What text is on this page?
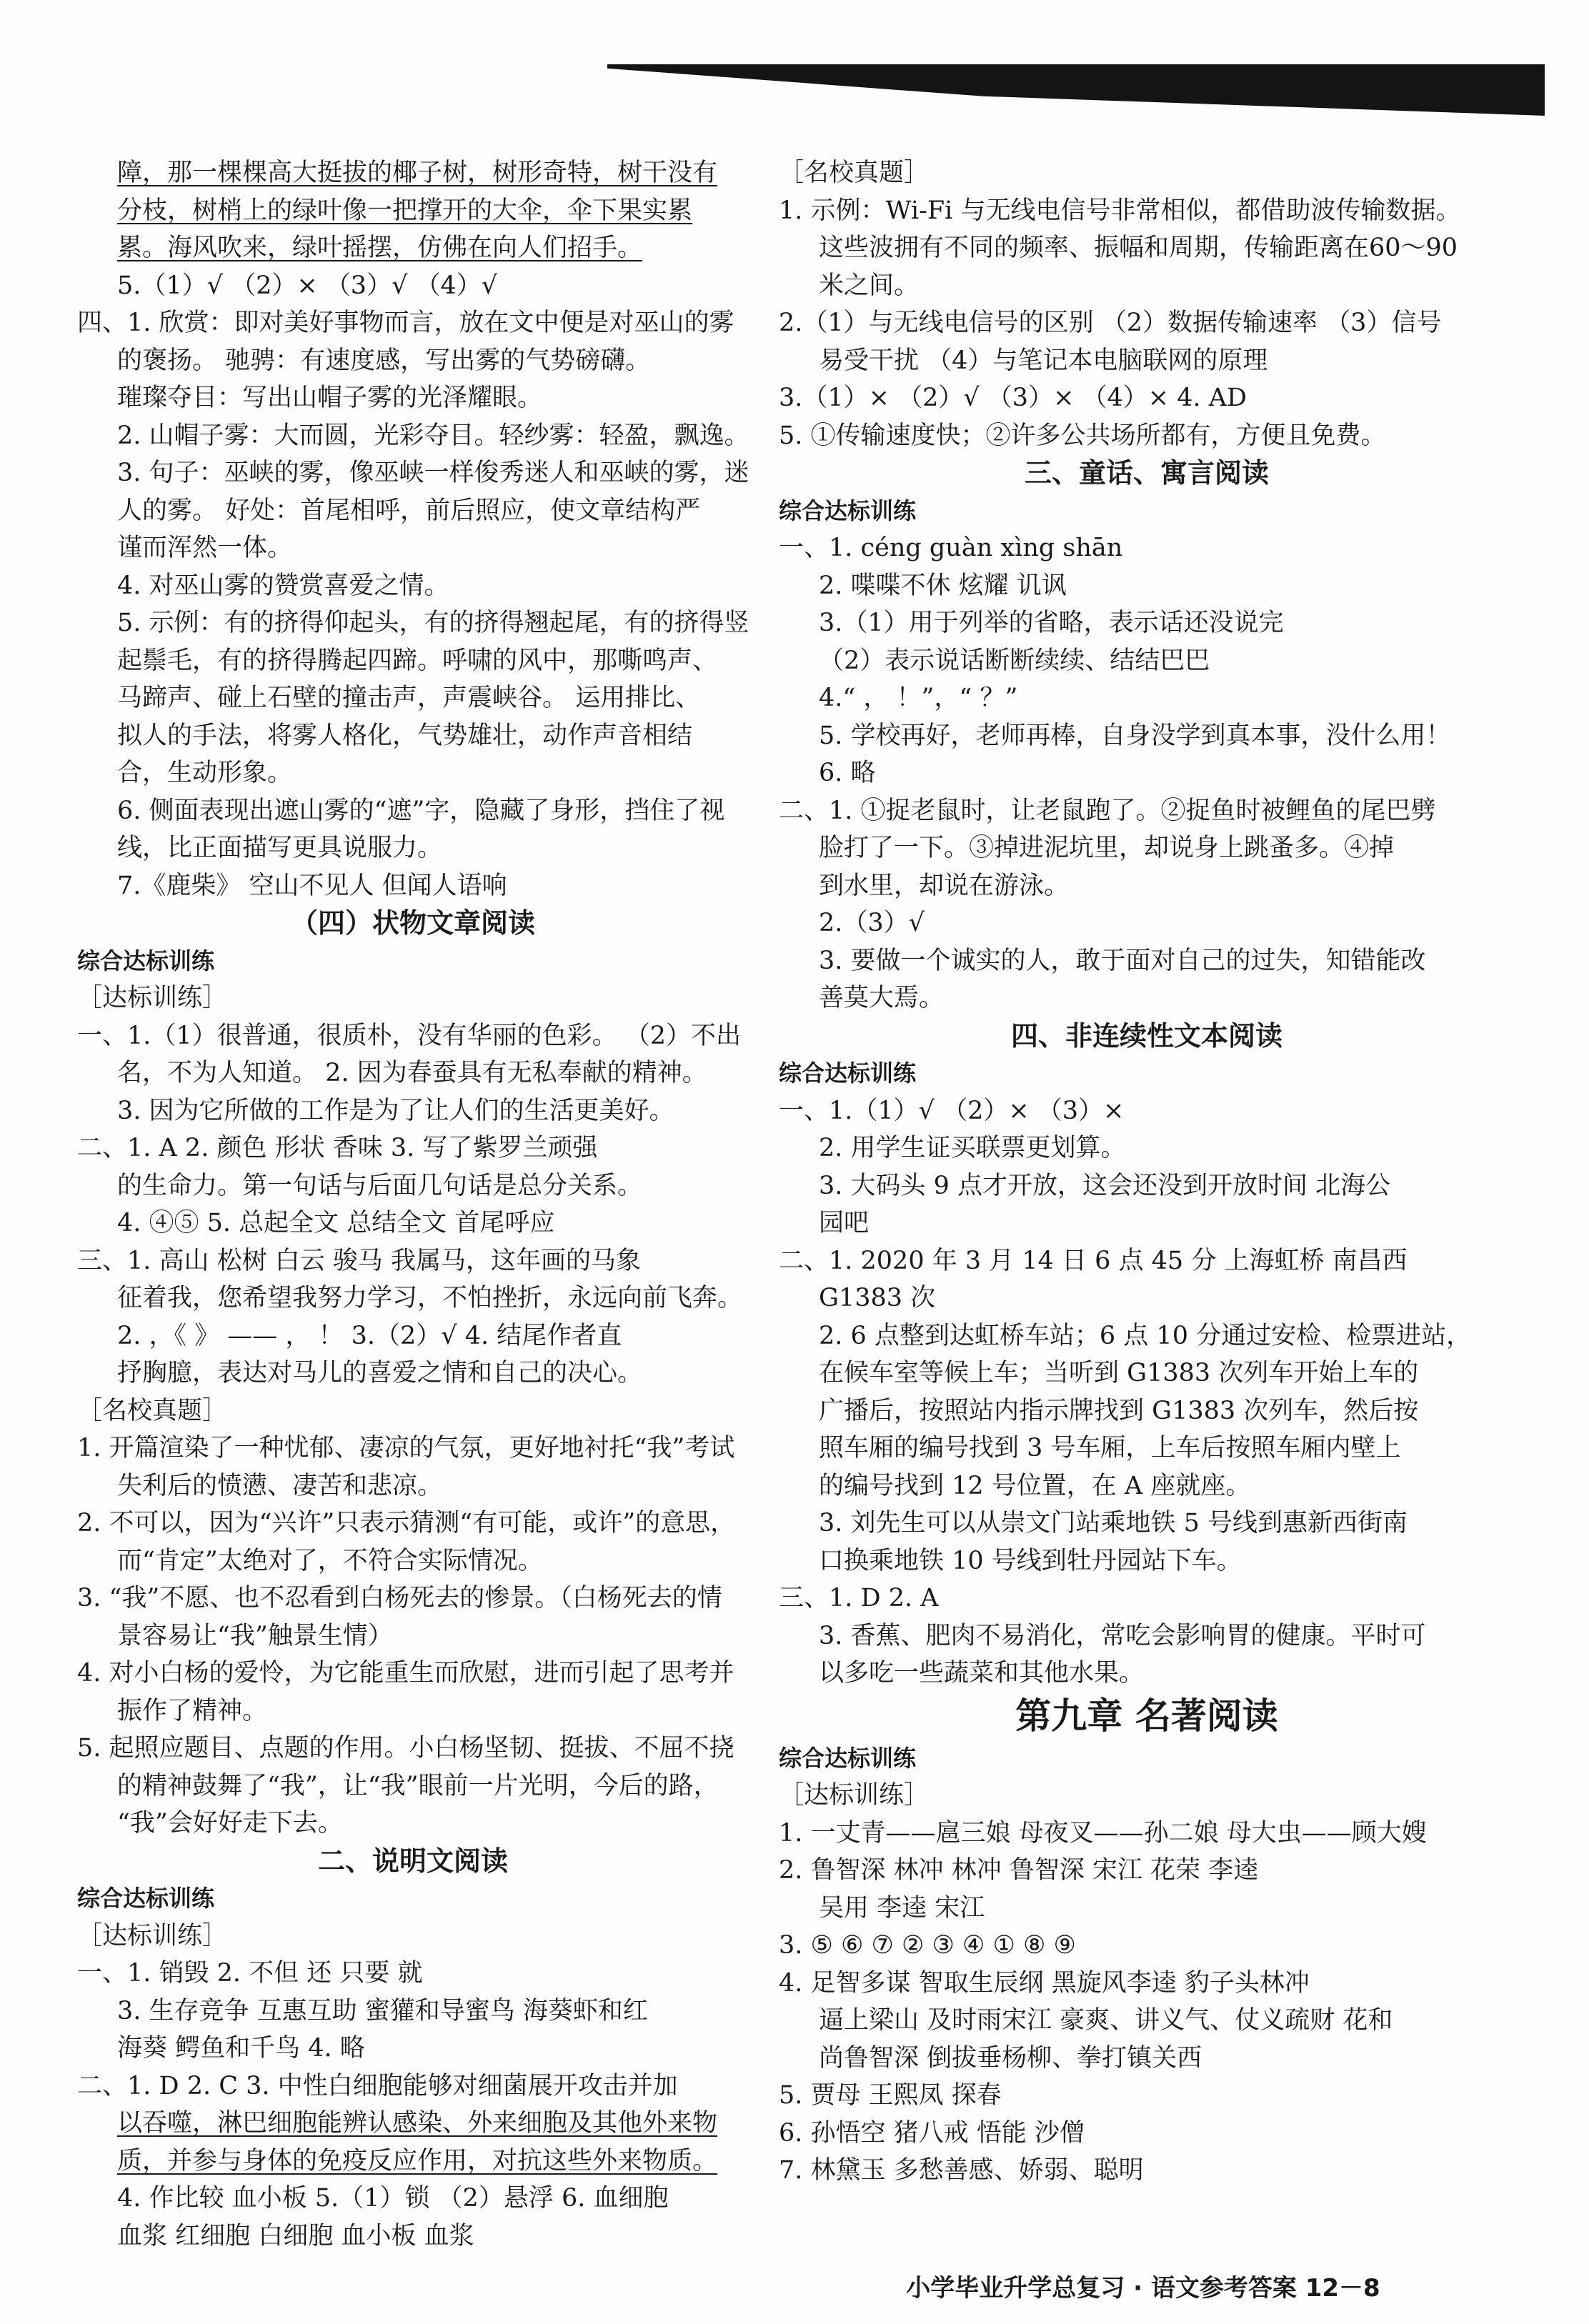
障，那一棵棵高大挺拔的椰子树，树形奇特，树干没有
分枝，树梢上的绿叶像一把撑开的大伞，伞下果实累
累。海风吹来，绿叶摇摆，仿佛在向人们招手。
5.（1）√ （2）× （3）√ （4）√
四、1. 欣赏：即对美好事物而言，放在文中便是对巫山的雾
的褒扬。 驰骋：有速度感，写出雾的气势磅礴。
璀璨夺目：写出山帽子雾的光泽耀眼。
2. 山帽子雾：大而圆，光彩夺目。轻纱雾：轻盈，飘逸。
3. 句子：巫峡的雾，像巫峡一样俊秀迷人和巫峡的雾，迷
人的雾。 好处：首尾相呼，前后照应，使文章结构严
谨而浑然一体。
4. 对巫山雾的赞赏喜爱之情。
5. 示例：有的挤得仰起头，有的挤得翘起尾，有的挤得竖
起鬃毛，有的挤得腾起四蹄。呼啸的风中，那嘶鸣声、
马蹄声、碰上石壁的撞击声，声震峡谷。 运用排比、
拟人的手法，将雾人格化，气势雄壮，动作声音相结
合，生动形象。
6. 侧面表现出遮山雾的“遮”字，隐藏了身形，挡住了视
线，比正面描写更具说服力。
7.《鹿柴》 空山不见人 但闻人语响
（四）状物文章阅读
综合达标训练
［达标训练］
一、1.（1）很普通，很质朴，没有华丽的色彩。 （2）不出
名，不为人知道。 2. 因为春蚕具有无私奉献的精神。
3. 因为它所做的工作是为了让人们的生活更美好。
二、1. A 2. 颜色 形状 香味 3. 写了紫罗兰顽强
的生命力。第一句话与后面几句话是总分关系。
4. ④⑤ 5. 总起全文 总结全文 首尾呼应
三、1. 高山 松树 白云 骏马 我属马，这年画的马象
征着我，您希望我努力学习，不怕挫折，永远向前飞奔。
2. ，《 》 —— ， ！ 3.（2）√ 4. 结尾作者直
抒胸臆，表达对马儿的喜爱之情和自己的决心。
［名校真题］
1. 开篇渲染了一种忧郁、凄凉的气氛，更好地衬托“我”考试
失利后的愤懑、凄苦和悲凉。
2. 不可以，因为“兴许”只表示猜测“有可能，或许”的意思，
而“肯定”太绝对了，不符合实际情况。
3. “我”不愿、也不忍看到白杨死去的惨景。（白杨死去的情
景容易让“我”触景生情）
4. 对小白杨的爱怜，为它能重生而欣慰，进而引起了思考并
振作了精神。
5. 起照应题目、点题的作用。小白杨坚韧、挺拔、不屈不挠
的精神鼓舞了“我”，让“我”眼前一片光明，今后的路，
“我”会好好走下去。
二、说明文阅读
综合达标训练
［达标训练］
一、1. 销毁 2. 不但 还 只要 就
3. 生存竞争 互惠互助 蜜獾和导蜜鸟 海葵虾和红
海葵 鳄鱼和千鸟 4. 略
二、1. D 2. C 3. 中性白细胞能够对细菌展开攻击并加
以吞噬，淋巴细胞能辨认感染、外来细胞及其他外来物
质，并参与身体的免疫反应作用，对抗这些外来物质。
4. 作比较 血小板 5.（1）锁 （2）悬浮 6. 血细胞
血浆 红细胞 白细胞 血小板 血浆
［名校真题］
1. 示例：Wi-Fi 与无线电信号非常相似，都借助波传输数据。
这些波拥有不同的频率、振幅和周期，传输距离在60～90
米之间。
2.（1）与无线电信号的区别 （2）数据传输速率 （3）信号
易受干扰 （4）与笔记本电脑联网的原理
3.（1）× （2）√ （3）× （4）× 4. AD
5. ①传输速度快；②许多公共场所都有，方便且免费。
三、童话、寓言阅读
综合达标训练
一、1. céng guàn xìng shān
2. 喋喋不休 炫耀 讥讽
3.（1）用于列举的省略，表示话还没说完
（2）表示说话断断续续、结结巴巴
4.“ ， ！”，“ ？”
5. 学校再好，老师再棒，自身没学到真本事，没什么用！
6. 略
二、1. ①捉老鼠时，让老鼠跑了。②捉鱼时被鲤鱼的尾巴劈
脸打了一下。③掉进泥坑里，却说身上跳蚤多。④掉
到水里，却说在游泳。
2.（3）√
3. 要做一个诚实的人，敢于面对自己的过失，知错能改
善莫大焉。
四、非连续性文本阅读
综合达标训练
一、1.（1）√ （2）× （3）×
2. 用学生证买联票更划算。
3. 大码头 9 点才开放，这会还没到开放时间 北海公
园吧
二、1. 2020 年 3 月 14 日 6 点 45 分 上海虹桥 南昌西
G1383 次
2. 6 点整到达虹桥车站；6 点 10 分通过安检、检票进站，
在候车室等候上车；当听到 G1383 次列车开始上车的
广播后，按照站内指示牌找到 G1383 次列车，然后按
照车厢的编号找到 3 号车厢，上车后按照车厢内壁上
的编号找到 12 号位置，在 A 座就座。
3. 刘先生可以从崇文门站乘地铁 5 号线到惠新西街南
口换乘地铁 10 号线到牡丹园站下车。
三、1. D 2. A
3. 香蕉、肥肉不易消化，常吃会影响胃的健康。平时可
以多吃一些蔬菜和其他水果。
第九章 名著阅读
综合达标训练
［达标训练］
1. 一丈青——扈三娘 母夜叉——孙二娘 母大虫——顾大嫂
2. 鲁智深 林冲 林冲 鲁智深 宋江 花荣 李逵
吴用 李逵 宋江
3. ⑤ ⑥ ⑦ ② ③ ④ ① ⑧ ⑨
4. 足智多谋 智取生辰纲 黑旋风李逵 豹子头林冲
逼上梁山 及时雨宋江 豪爽、讲义气、仗义疏财 花和
尚鲁智深 倒拔垂杨柳、拳打镇关西
5. 贾母 王熙凤 探春
6. 孙悟空 猪八戒 悟能 沙僧
7. 林黛玉 多愁善感、娇弱、聪明
小学毕业升学总复习 · 语文参考答案 12－8
